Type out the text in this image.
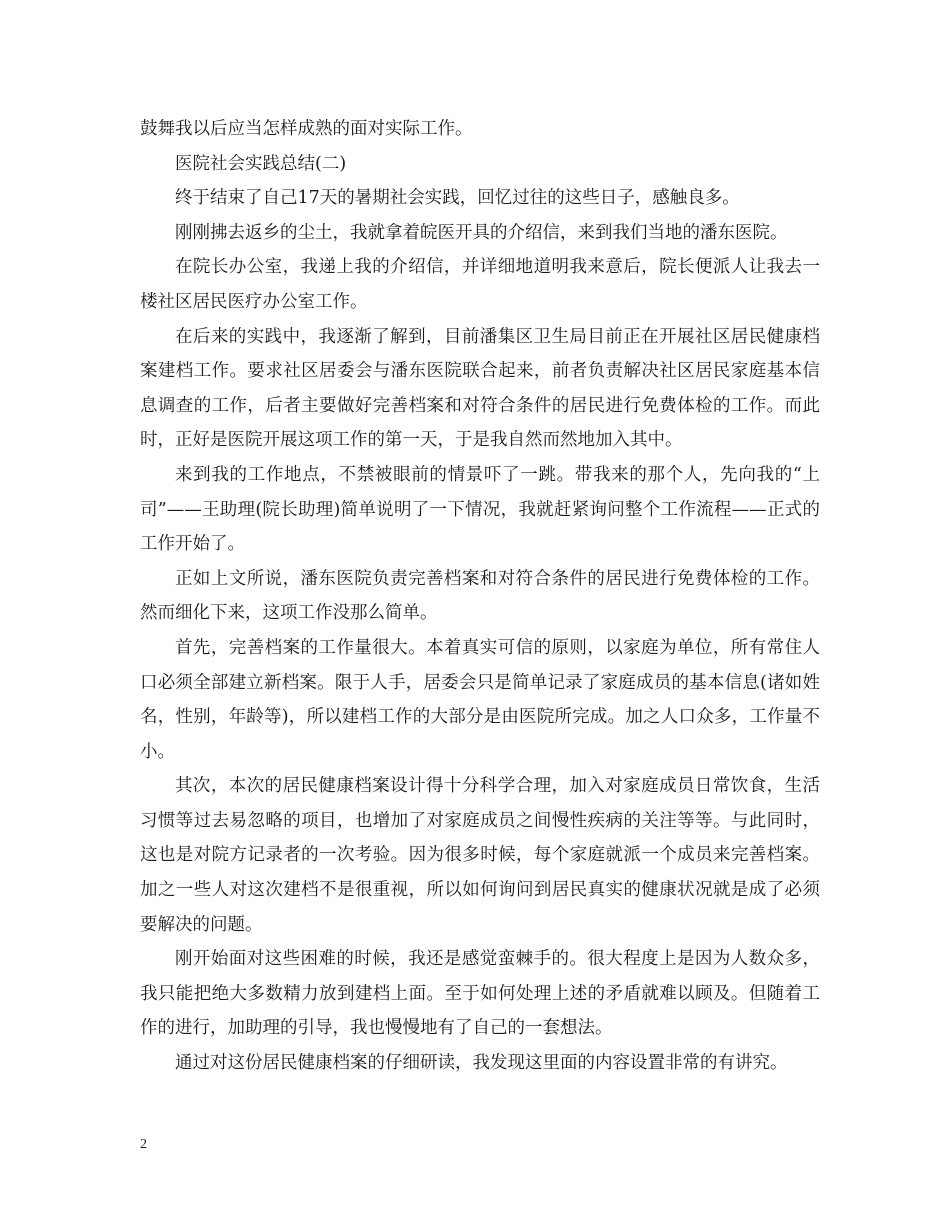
鼓舞我以后应当怎样成熟的面对实际工作。

医院社会实践总结(二)

终于结束了自己17天的暑期社会实践，回忆过往的这些日子，感触良多。

刚刚拂去返乡的尘土，我就拿着皖医开具的介绍信，来到我们当地的潘东医院。

在院长办公室，我递上我的介绍信，并详细地道明我来意后，院长便派人让我去一楼社区居民医疗办公室工作。

在后来的实践中，我逐渐了解到，目前潘集区卫生局目前正在开展社区居民健康档案建档工作。要求社区居委会与潘东医院联合起来，前者负责解决社区居民家庭基本信息调查的工作，后者主要做好完善档案和对符合条件的居民进行免费体检的工作。而此时，正好是医院开展这项工作的第一天，于是我自然而然地加入其中。

来到我的工作地点，不禁被眼前的情景吓了一跳。带我来的那个人，先向我的“上司”——王助理(院长助理)简单说明了一下情况，我就赶紧询问整个工作流程——正式的工作开始了。

正如上文所说，潘东医院负责完善档案和对符合条件的居民进行免费体检的工作。然而细化下来，这项工作没那么简单。

首先，完善档案的工作量很大。本着真实可信的原则，以家庭为单位，所有常住人口必须全部建立新档案。限于人手，居委会只是简单记录了家庭成员的基本信息(诸如姓名，性别，年龄等)，所以建档工作的大部分是由医院所完成。加之人口众多，工作量不小。

其次，本次的居民健康档案设计得十分科学合理，加入对家庭成员日常饮食，生活习惯等过去易忽略的项目，也增加了对家庭成员之间慢性疾病的关注等等。与此同时，这也是对院方记录者的一次考验。因为很多时候，每个家庭就派一个成员来完善档案。加之一些人对这次建档不是很重视，所以如何询问到居民真实的健康状况就是成了必须要解决的问题。

刚开始面对这些困难的时候，我还是感觉蛮棘手的。很大程度上是因为人数众多，我只能把绝大多数精力放到建档上面。至于如何处理上述的矛盾就难以顾及。但随着工作的进行，加助理的引导，我也慢慢地有了自己的一套想法。

通过对这份居民健康档案的仔细研读，我发现这里面的内容设置非常的有讲究。

2
